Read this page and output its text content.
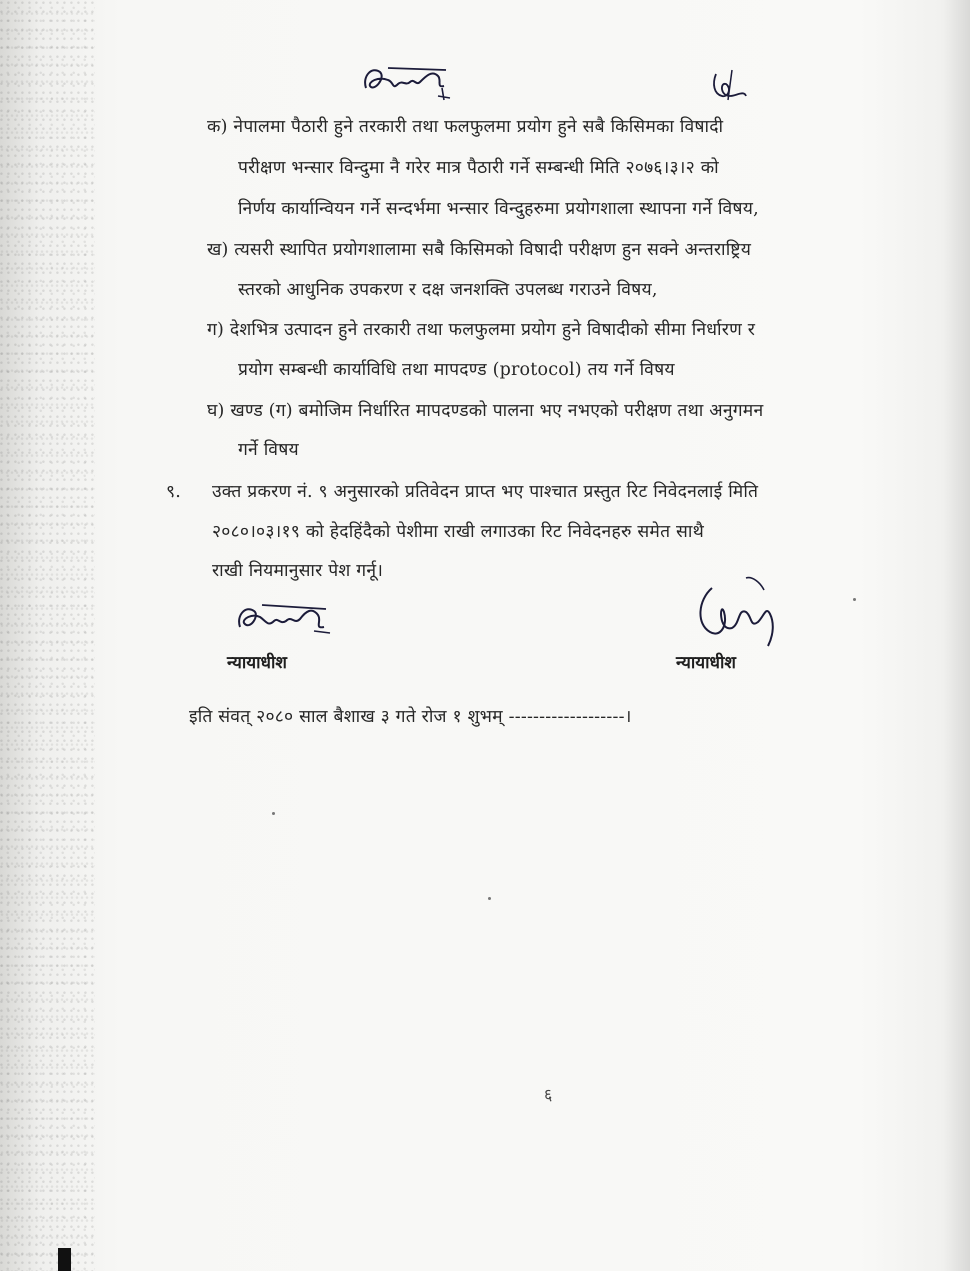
क) नेपालमा पैठारी हुने तरकारी तथा फलफुलमा प्रयोग हुने सबै किसिमका विषादी
परीक्षण भन्सार विन्दुमा नै गरेर मात्र पैठारी गर्ने सम्बन्धी मिति २०७६।३।२ को
निर्णय कार्यान्वियन गर्ने सन्दर्भमा भन्सार विन्दुहरुमा प्रयोगशाला स्थापना गर्ने विषय,
ख) त्यसरी स्थापित प्रयोगशालामा सबै किसिमको विषादी परीक्षण हुन सक्ने अन्तराष्ट्रिय
स्तरको आधुनिक उपकरण र दक्ष जनशक्ति उपलब्ध गराउने विषय,
ग) देशभित्र उत्पादन हुने तरकारी तथा फलफुलमा प्रयोग हुने विषादीको सीमा निर्धारण र
प्रयोग सम्बन्धी कार्याविधि तथा मापदण्ड (protocol) तय गर्ने विषय
घ) खण्ड (ग) बमोजिम निर्धारित मापदण्डको पालना भए नभएको परीक्षण तथा अनुगमन
गर्ने विषय
९. उक्त प्रकरण नं. ९ अनुसारको प्रतिवेदन प्राप्त भए पाश्चात प्रस्तुत रिट निवेदनलाई मिति
२०८०।०३।१९ को हेदहिंदैको पेशीमा राखी लगाउका रिट निवेदनहरु समेत साथै
राखी नियमानुसार पेश गर्नू।
न्यायाधीश	न्यायाधीश
इति संवत् २०८० साल बैशाख ३ गते रोज १ शुभम् -------------------।
६
